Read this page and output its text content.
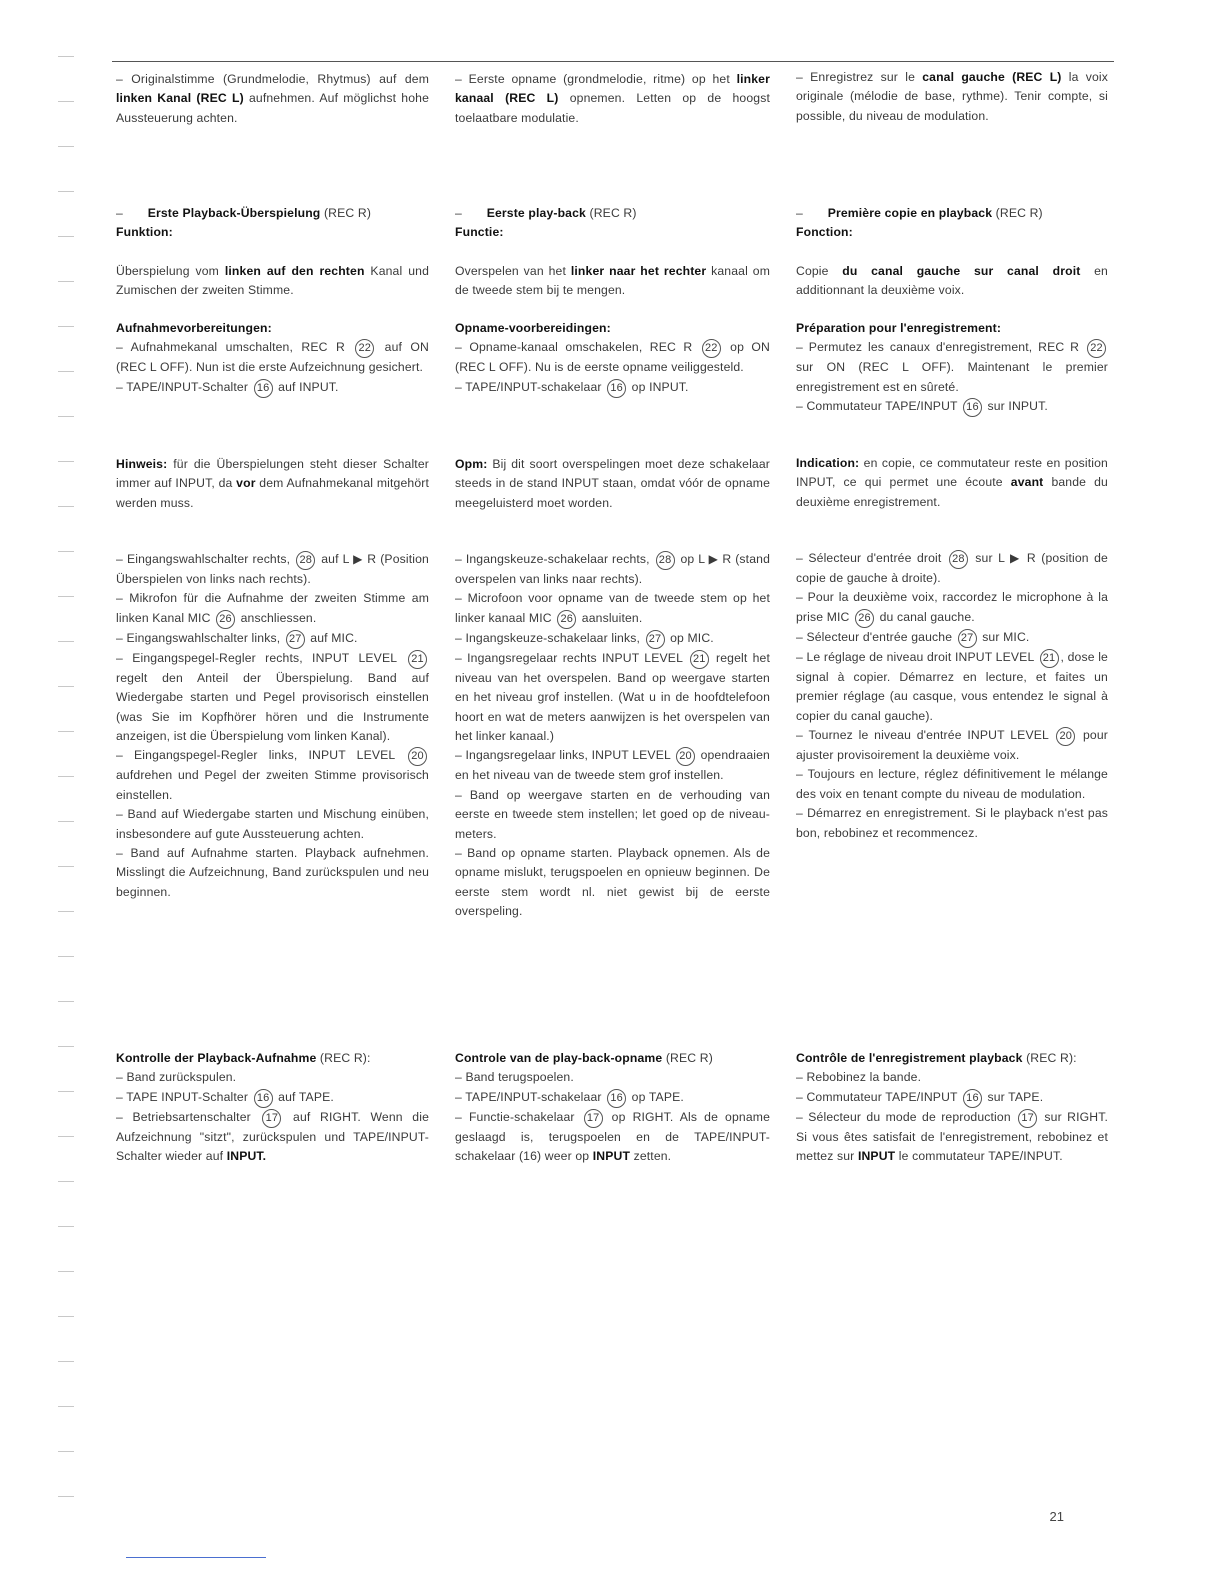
– Originalstimme (Grundmelodie, Rhytmus) auf dem linken Kanal (REC L) aufnehmen. Auf möglichst hohe Aussteuerung achten.

– Eerste opname (grondmelodie, ritme) op het linker kanaal (REC L) opnemen. Letten op de hoogst toelaatbare modulatie.

– Enregistrez sur le canal gauche (REC L) la voix originale (mélodie de base, rythme). Tenir compte, si possible, du niveau de modulation.

–       Erste Playback-Überspielung (REC R)
Funktion:

–       Eerste play-back (REC R)
Functie:

–       Première copie en playback (REC R)
Fonction:

Überspielung vom linken auf den rechten Kanal und Zumischen der zweiten Stimme.

Overspelen van het linker naar het rechter kanaal om de tweede stem bij te mengen.

Copie du canal gauche sur canal droit en additionnant la deuxième voix.

Aufnahmevorbereitungen:

– Aufnahmekanal umschalten, REC R 22 auf ON (REC L OFF). Nun ist die erste Aufzeichnung gesichert.

– TAPE/INPUT-Schalter 16 auf INPUT.

Opname-voorbereidingen:

– Opname-kanaal omschakelen, REC R 22 op ON (REC L OFF). Nu is de eerste opname veiliggesteld.

– TAPE/INPUT-schakelaar 16 op INPUT.

Préparation pour l'enregistrement:

– Permutez les canaux d'enregistrement, REC R 22 sur ON (REC L OFF). Maintenant le premier enregistrement est en sûreté.

– Commutateur TAPE/INPUT 16 sur INPUT.

Hinweis: für die Überspielungen steht dieser Schalter immer auf INPUT, da vor dem Aufnahmekanal mitgehört werden muss.

Opm: Bij dit soort overspelingen moet deze schakelaar steeds in de stand INPUT staan, omdat vóór de opname meegeluisterd moet worden.

Indication: en copie, ce commutateur reste en position INPUT, ce qui permet une écoute avant bande du deuxième enregistrement.

– Eingangswahlschalter rechts, 28 auf L ▶ R (Position Überspielen von links nach rechts).

– Mikrofon für die Aufnahme der zweiten Stimme am linken Kanal MIC 26 anschliessen.

– Eingangswahlschalter links, 27 auf MIC.

– Eingangspegel-Regler rechts, INPUT LEVEL 21 regelt den Anteil der Überspielung. Band auf Wiedergabe starten und Pegel provisorisch einstellen (was Sie im Kopfhörer hören und die Instrumente anzeigen, ist die Überspielung vom linken Kanal).

– Eingangspegel-Regler links, INPUT LEVEL 20 aufdrehen und Pegel der zweiten Stimme provisorisch einstellen.

– Band auf Wiedergabe starten und Mischung einüben, insbesondere auf gute Aussteuerung achten.

– Band auf Aufnahme starten. Playback aufnehmen. Misslingt die Aufzeichnung, Band zurückspulen und neu beginnen.

– Ingangskeuze-schakelaar rechts, 28 op L ▶ R (stand overspelen van links naar rechts).

– Microfoon voor opname van de tweede stem op het linker kanaal MIC 26 aansluiten.

– Ingangskeuze-schakelaar links, 27 op MIC.

– Ingangsregelaar rechts INPUT LEVEL 21 regelt het niveau van het overspelen. Band op weergave starten en het niveau grof instellen. (Wat u in de hoofdtelefoon hoort en wat de meters aanwijzen is het overspelen van het linker kanaal.)

– Ingangsregelaar links, INPUT LEVEL 20 opendraaien en het niveau van de tweede stem grof instellen.

– Band op weergave starten en de verhouding van eerste en tweede stem instellen; let goed op de niveau-meters.

– Band op opname starten. Playback opnemen. Als de opname mislukt, terugspoelen en opnieuw beginnen. De eerste stem wordt nl. niet gewist bij de eerste overspeling.

– Sélecteur d'entrée droit 28 sur L ▶ R (position de copie de gauche à droite).

– Pour la deuxième voix, raccordez le microphone à la prise MIC 26 du canal gauche.

– Sélecteur d'entrée gauche 27 sur MIC.

– Le réglage de niveau droit INPUT LEVEL 21 , dose le signal à copier. Démarrez en lecture, et faites un premier réglage (au casque, vous entendez le signal à copier du canal gauche).

– Tournez le niveau d'entrée INPUT LEVEL 20 pour ajuster provisoirement la deuxième voix.

– Toujours en lecture, réglez définitivement le mélange des voix en tenant compte du niveau de modulation.

– Démarrez en enregistrement. Si le playback n'est pas bon, rebobinez et recommencez.

Kontrolle der Playback-Aufnahme (REC R):

– Band zurückspulen.

– TAPE INPUT-Schalter 16 auf TAPE.

– Betriebsartenschalter 17 auf RIGHT. Wenn die Aufzeichnung "sitzt", zurückspulen und TAPE/INPUT-Schalter wieder auf INPUT.

Controle van de play-back-opname (REC R)

– Band terugspoelen.

– TAPE/INPUT-schakelaar 16 op TAPE.

– Functie-schakelaar 17 op RIGHT. Als de opname geslaagd is, terugspoelen en de TAPE/INPUT-schakelaar (16) weer op INPUT zetten.

Contrôle de l'enregistrement playback (REC R):

– Rebobinez la bande.

– Commutateur TAPE/INPUT 16 sur TAPE.

– Sélecteur du mode de reproduction 17 sur RIGHT. Si vous êtes satisfait de l'enregistrement, rebobinez et mettez sur INPUT le commutateur TAPE/INPUT.

21
